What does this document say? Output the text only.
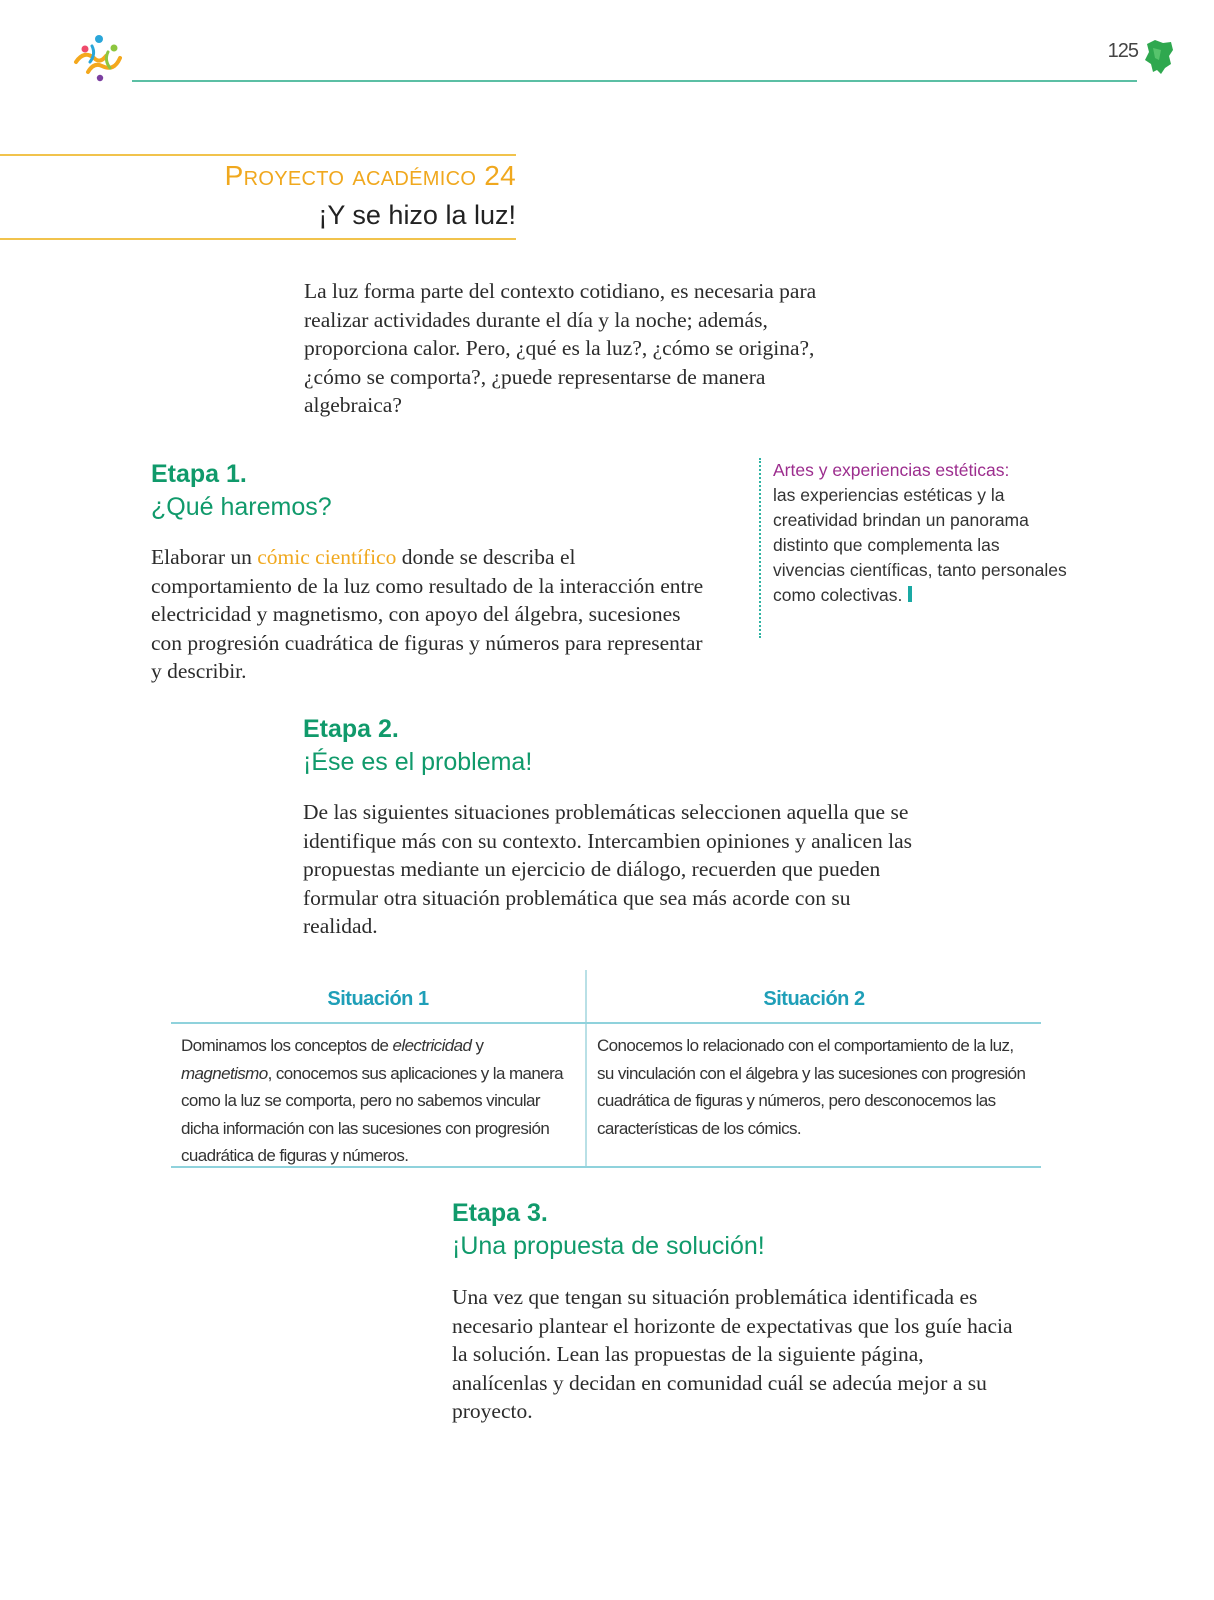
125
Proyecto académico 24
¡Y se hizo la luz!

La luz forma parte del contexto cotidiano, es necesaria para realizar actividades durante el día y la noche; además, proporciona calor. Pero, ¿qué es la luz?, ¿cómo se origina?, ¿cómo se comporta?, ¿puede representarse de manera algebraica?

Etapa 1.
¿Qué haremos?

Elaborar un cómic científico donde se describa el comportamiento de la luz como resultado de la interacción entre electricidad y magnetismo, con apoyo del álgebra, sucesiones con progresión cuadrática de figuras y números para representar y describir.

Artes y experiencias estéticas:
las experiencias estéticas y la creatividad brindan un panorama distinto que complementa las vivencias científicas, tanto personales como colectivas.
Etapa 2.
¡Ése es el problema!

De las siguientes situaciones problemáticas seleccionen aquella que se identifique más con su contexto. Intercambien opiniones y analicen las propuestas mediante un ejercicio de diálogo, recuerden que pueden formular otra situación problemática que sea más acorde con su realidad.

Situación 1
Dominamos los conceptos de electricidad y magnetismo, conocemos sus aplicaciones y la manera como la luz se comporta, pero no sabemos vincular dicha información con las sucesiones con progresión cuadrática de figuras y números.
Situación 2
Conocemos lo relacionado con el comportamiento de la luz, su vinculación con el álgebra y las sucesiones con progresión cuadrática de figuras y números, pero desconocemos las características de los cómics.
Etapa 3.
¡Una propuesta de solución!

Una vez que tengan su situación problemática identificada es necesario plantear el horizonte de expectativas que los guíe hacia la solución. Lean las propuestas de la siguiente página, analícenlas y decidan en comunidad cuál se adecúa mejor a su proyecto.
